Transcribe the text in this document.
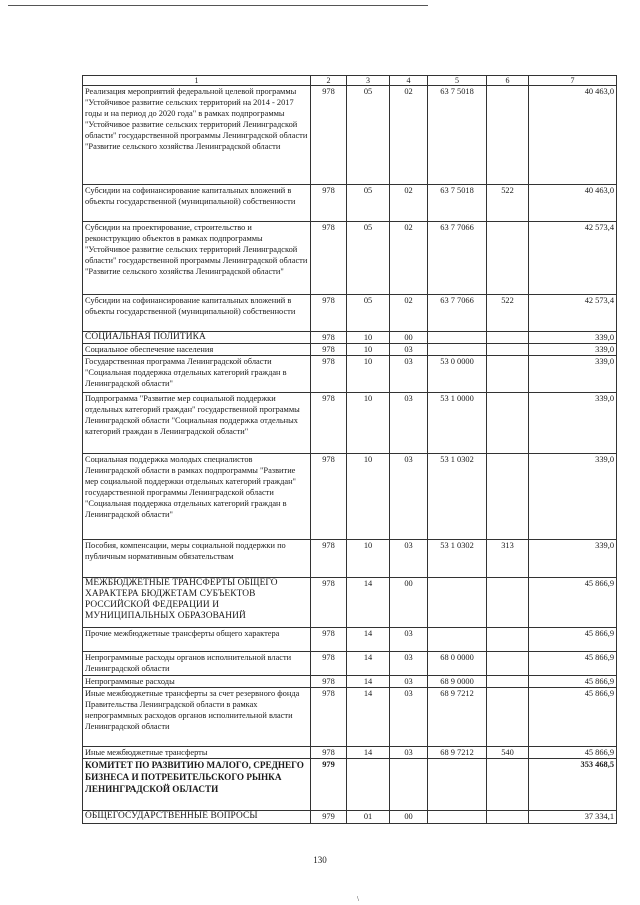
1	2	3	4	5	6	7
Реализация мероприятий федеральной целевой программы "Устойчивое развитие сельских территорий на 2014 - 2017 годы и на период до 2020 года" в рамках подпрограммы "Устойчивое развитие сельских территорий Ленинградской области" государственной программы Ленинградской области "Развитие сельского хозяйства Ленинградской области	978	05	02	63 7 5018		40 463,0
Субсидии на софинансирование капитальных вложений в объекты государственной (муниципальной) собственности	978	05	02	63 7 5018	522	40 463,0
Субсидии на проектирование, строительство и реконструкцию объектов в рамках подпрограммы "Устойчивое развитие сельских территорий Ленинградской области" государственной программы Ленинградской области "Развитие сельского хозяйства Ленинградской области"	978	05	02	63 7 7066		42 573,4
Субсидии на софинансирование капитальных вложений в объекты государственной (муниципальной) собственности	978	05	02	63 7 7066	522	42 573,4
СОЦИАЛЬНАЯ ПОЛИТИКА	978	10	00			339,0
Социальное обеспечение населения	978	10	03			339,0
Государственная программа Ленинградской области "Социальная поддержка отдельных категорий граждан в Ленинградской области"	978	10	03	53 0 0000		339,0
Подпрограмма "Развитие мер социальной поддержки отдельных категорий граждан" государственной программы Ленинградской области "Социальная поддержка отдельных категорий граждан в Ленинградской области"	978	10	03	53 1 0000		339,0
Социальная поддержка молодых специалистов Ленинградской области в рамках подпрограммы "Развитие мер социальной поддержки отдельных категорий граждан" государственной программы Ленинградской области "Социальная поддержка отдельных категорий граждан в Ленинградской области"	978	10	03	53 1 0302		339,0
Пособия, компенсации, меры социальной поддержки по публичным нормативным обязательствам	978	10	03	53 1 0302	313	339,0
МЕЖБЮДЖЕТНЫЕ ТРАНСФЕРТЫ ОБЩЕГО ХАРАКТЕРА БЮДЖЕТАМ СУБЪЕКТОВ РОССИЙСКОЙ ФЕДЕРАЦИИ И МУНИЦИПАЛЬНЫХ ОБРАЗОВАНИЙ	978	14	00			45 866,9
Прочие межбюджетные трансферты общего характера	978	14	03			45 866,9
Непрограммные расходы органов исполнительной власти Ленинградской области	978	14	03	68 0 0000		45 866,9
Непрограммные расходы	978	14	03	68 9 0000		45 866,9
Иные межбюджетные трансферты за счет резервного фонда Правительства Ленинградской области в рамках непрограммных расходов органов исполнительной власти Ленинградской области	978	14	03	68 9 7212		45 866,9
Иные межбюджетные трансферты	978	14	03	68 9 7212	540	45 866,9
КОМИТЕТ ПО РАЗВИТИЮ МАЛОГО, СРЕДНЕГО БИЗНЕСА И ПОТРЕБИТЕЛЬСКОГО РЫНКА ЛЕНИНГРАДСКОЙ ОБЛАСТИ	979					353 468,5
ОБЩЕГОСУДАРСТВЕННЫЕ ВОПРОСЫ	979	01	00			37 334,1
130
\
